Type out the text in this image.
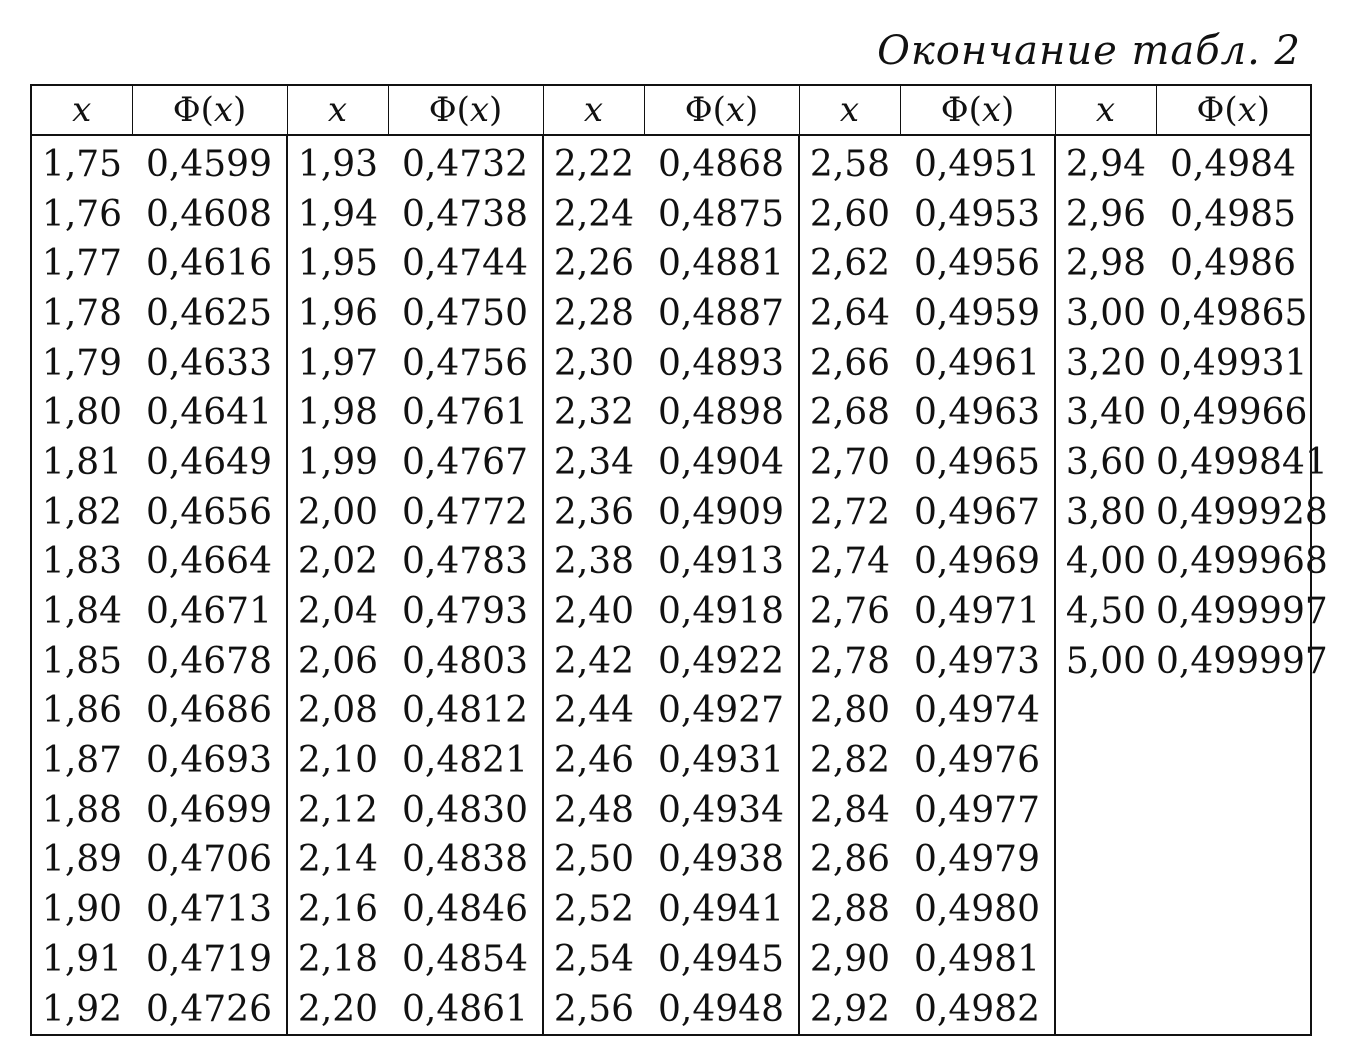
Окончание табл. 2
x	Φ(x)	x	Φ(x)	x	Φ(x)	x	Φ(x)	x	Φ(x)
1,75	0,4599	1,93	0,4732	2,22	0,4868	2,58	0,4951	2,94	0,4984
1,76	0,4608	1,94	0,4738	2,24	0,4875	2,60	0,4953	2,96	0,4985
1,77	0,4616	1,95	0,4744	2,26	0,4881	2,62	0,4956	2,98	0,4986
1,78	0,4625	1,96	0,4750	2,28	0,4887	2,64	0,4959	3,00	0,49865
1,79	0,4633	1,97	0,4756	2,30	0,4893	2,66	0,4961	3,20	0,49931
1,80	0,4641	1,98	0,4761	2,32	0,4898	2,68	0,4963	3,40	0,49966
1,81	0,4649	1,99	0,4767	2,34	0,4904	2,70	0,4965	3,60	0,499841
1,82	0,4656	2,00	0,4772	2,36	0,4909	2,72	0,4967	3,80	0,499928
1,83	0,4664	2,02	0,4783	2,38	0,4913	2,74	0,4969	4,00	0,499968
1,84	0,4671	2,04	0,4793	2,40	0,4918	2,76	0,4971	4,50	0,499997
1,85	0,4678	2,06	0,4803	2,42	0,4922	2,78	0,4973	5,00	0,499997
1,86	0,4686	2,08	0,4812	2,44	0,4927	2,80	0,4974		
1,87	0,4693	2,10	0,4821	2,46	0,4931	2,82	0,4976		
1,88	0,4699	2,12	0,4830	2,48	0,4934	2,84	0,4977		
1,89	0,4706	2,14	0,4838	2,50	0,4938	2,86	0,4979		
1,90	0,4713	2,16	0,4846	2,52	0,4941	2,88	0,4980		
1,91	0,4719	2,18	0,4854	2,54	0,4945	2,90	0,4981		
1,92	0,4726	2,20	0,4861	2,56	0,4948	2,92	0,4982		
